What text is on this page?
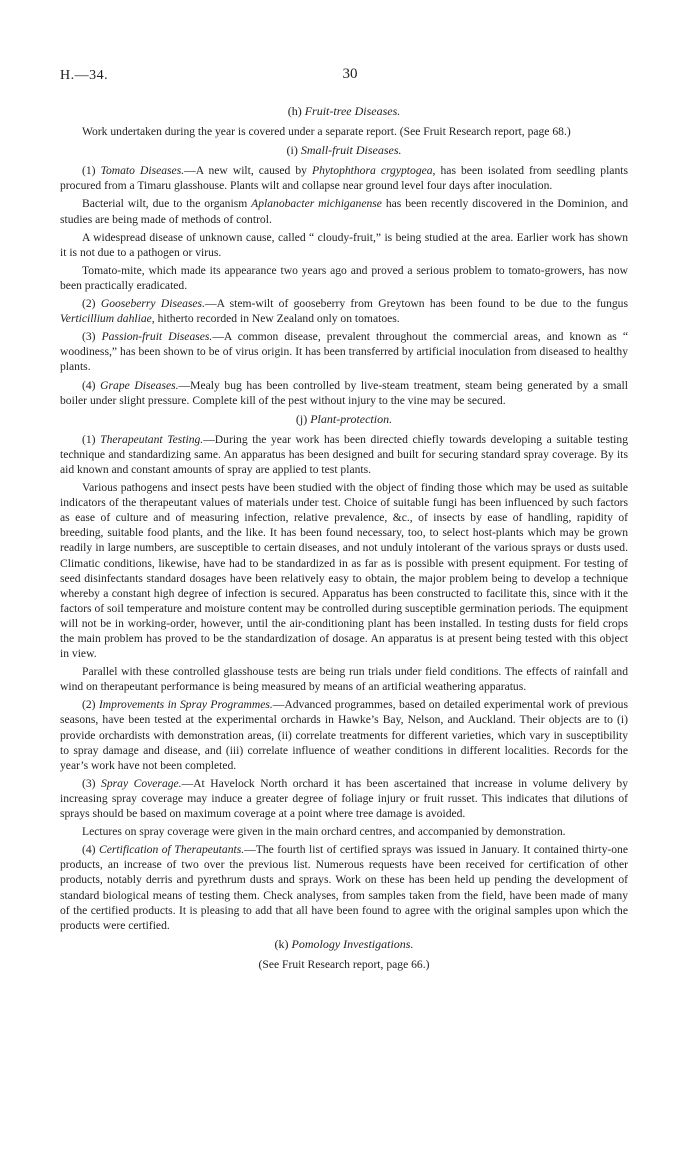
H.—34.	30
(h) Fruit-tree Diseases.

Work undertaken during the year is covered under a separate report. (See Fruit Research report, page 68.)

(i) Small-fruit Diseases.

(1) Tomato Diseases.—A new wilt, caused by Phytophthora crgyptogea, has been isolated from seedling plants procured from a Timaru glasshouse. Plants wilt and collapse near ground level four days after inoculation.

Bacterial wilt, due to the organism Aplanobacter michiganense has been recently discovered in the Dominion, and studies are being made of methods of control.

A widespread disease of unknown cause, called “ cloudy-fruit,” is being studied at the area. Earlier work has shown it is not due to a pathogen or virus.

Tomato-mite, which made its appearance two years ago and proved a serious problem to tomato-growers, has now been practically eradicated.

(2) Gooseberry Diseases.—A stem-wilt of gooseberry from Greytown has been found to be due to the fungus Verticillium dahliae, hitherto recorded in New Zealand only on tomatoes.

(3) Passion-fruit Diseases.—A common disease, prevalent throughout the commercial areas, and known as “ woodiness,” has been shown to be of virus origin. It has been transferred by artificial inoculation from diseased to healthy plants.

(4) Grape Diseases.—Mealy bug has been controlled by live-steam treatment, steam being generated by a small boiler under slight pressure. Complete kill of the pest without injury to the vine may be secured.

(j) Plant-protection.

(1) Therapeutant Testing.—During the year work has been directed chiefly towards developing a suitable testing technique and standardizing same. An apparatus has been designed and built for securing standard spray coverage. By its aid known and constant amounts of spray are applied to test plants.

Various pathogens and insect pests have been studied with the object of finding those which may be used as suitable indicators of the therapeutant values of materials under test. Choice of suitable fungi has been influenced by such factors as ease of culture and of measuring infection, relative prevalence, &c., of insects by ease of handling, rapidity of breeding, suitable food plants, and the like. It has been found necessary, too, to select host-plants which may be grown readily in large numbers, are susceptible to certain diseases, and not unduly intolerant of the various sprays or dusts used. Climatic conditions, likewise, have had to be standardized in as far as is possible with present equipment. For testing of seed disinfectants standard dosages have been relatively easy to obtain, the major problem being to develop a technique whereby a constant high degree of infection is secured. Apparatus has been constructed to facilitate this, since with it the factors of soil temperature and moisture content may be controlled during susceptible germination periods. The equipment will not be in working-order, however, until the air-conditioning plant has been installed. In testing dusts for field crops the main problem has proved to be the standardization of dosage. An apparatus is at present being tested with this object in view.

Parallel with these controlled glasshouse tests are being run trials under field conditions. The effects of rainfall and wind on therapeutant performance is being measured by means of an artificial weathering apparatus.

(2) Improvements in Spray Programmes.—Advanced programmes, based on detailed experimental work of previous seasons, have been tested at the experimental orchards in Hawke’s Bay, Nelson, and Auckland. Their objects are to (i) provide orchardists with demonstration areas, (ii) correlate treatments for different varieties, which vary in susceptibility to spray damage and disease, and (iii) correlate influence of weather conditions in different localities. Records for the year’s work have not been completed.

(3) Spray Coverage.—At Havelock North orchard it has been ascertained that increase in volume delivery by increasing spray coverage may induce a greater degree of foliage injury or fruit russet. This indicates that dilutions of sprays should be based on maximum coverage at a point where tree damage is avoided.

Lectures on spray coverage were given in the main orchard centres, and accompanied by demonstration.

(4) Certification of Therapeutants.—The fourth list of certified sprays was issued in January. It contained thirty-one products, an increase of two over the previous list. Numerous requests have been received for certification of other products, notably derris and pyrethrum dusts and sprays. Work on these has been held up pending the development of standard biological means of testing them. Check analyses, from samples taken from the field, have been made of many of the certified products. It is pleasing to add that all have been found to agree with the original samples upon which the products were certified.

(k) Pomology Investigations.

(See Fruit Research report, page 66.)
